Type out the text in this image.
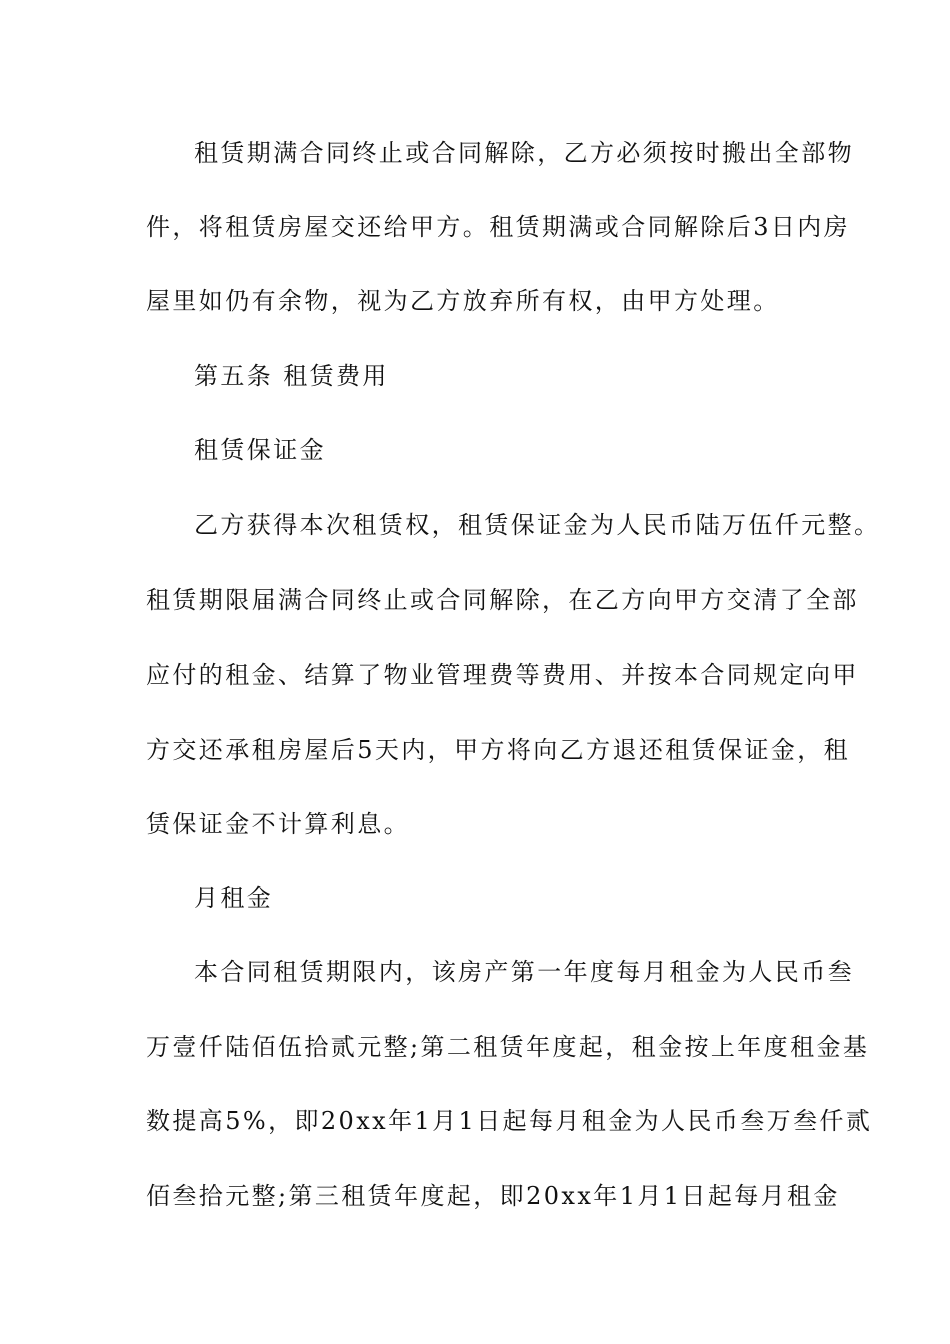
租赁期满合同终止或合同解除，乙方必须按时搬出全部物
件，将租赁房屋交还给甲方。租赁期满或合同解除后3日内房
屋里如仍有余物，视为乙方放弃所有权，由甲方处理。
第五条 租赁费用
租赁保证金
乙方获得本次租赁权，租赁保证金为人民币陆万伍仟元整。
租赁期限届满合同终止或合同解除，在乙方向甲方交清了全部
应付的租金、结算了物业管理费等费用、并按本合同规定向甲
方交还承租房屋后5天内，甲方将向乙方退还租赁保证金，租
赁保证金不计算利息。
月租金
本合同租赁期限内，该房产第一年度每月租金为人民币叁
万壹仟陆佰伍拾贰元整;第二租赁年度起，租金按上年度租金基
数提高5%，即20xx年1月1日起每月租金为人民币叁万叁仟贰
佰叁拾元整;第三租赁年度起，即20xx年1月1日起每月租金
